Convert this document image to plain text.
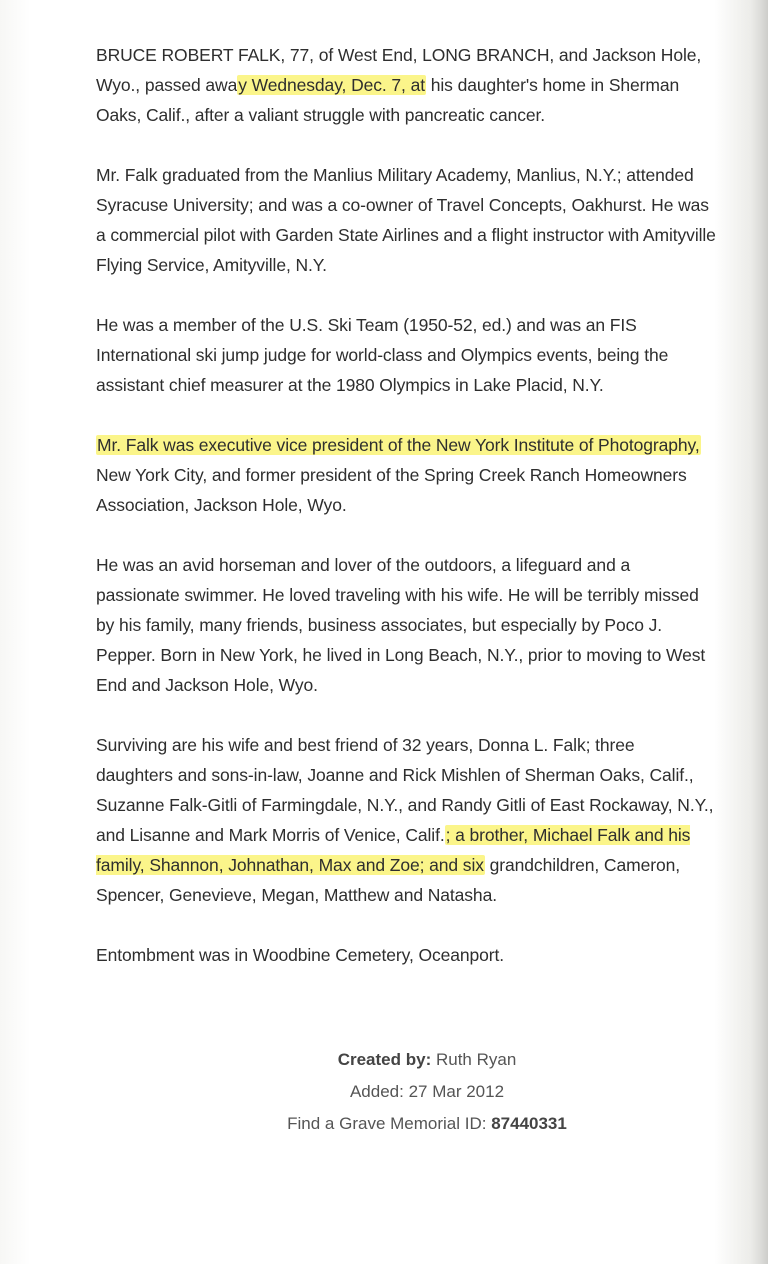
BRUCE ROBERT FALK, 77, of West End, LONG BRANCH, and Jackson Hole, Wyo., passed away Wednesday, Dec. 7, at his daughter's home in Sherman Oaks, Calif., after a valiant struggle with pancreatic cancer.

Mr. Falk graduated from the Manlius Military Academy, Manlius, N.Y.; attended Syracuse University; and was a co-owner of Travel Concepts, Oakhurst. He was a commercial pilot with Garden State Airlines and a flight instructor with Amityville Flying Service, Amityville, N.Y.

He was a member of the U.S. Ski Team (1950-52, ed.) and was an FIS International ski jump judge for world-class and Olympics events, being the assistant chief measurer at the 1980 Olympics in Lake Placid, N.Y.

Mr. Falk was executive vice president of the New York Institute of Photography, New York City, and former president of the Spring Creek Ranch Homeowners Association, Jackson Hole, Wyo.

He was an avid horseman and lover of the outdoors, a lifeguard and a passionate swimmer. He loved traveling with his wife. He will be terribly missed by his family, many friends, business associates, but especially by Poco J. Pepper. Born in New York, he lived in Long Beach, N.Y., prior to moving to West End and Jackson Hole, Wyo.

Surviving are his wife and best friend of 32 years, Donna L. Falk; three daughters and sons-in-law, Joanne and Rick Mishlen of Sherman Oaks, Calif., Suzanne Falk-Gitli of Farmingdale, N.Y., and Randy Gitli of East Rockaway, N.Y., and Lisanne and Mark Morris of Venice, Calif.; a brother, Michael Falk and his family, Shannon, Johnathan, Max and Zoe; and six grandchildren, Cameron, Spencer, Genevieve, Megan, Matthew and Natasha.

Entombment was in Woodbine Cemetery, Oceanport.

Created by: Ruth Ryan
Added: 27 Mar 2012
Find a Grave Memorial ID: 87440331
